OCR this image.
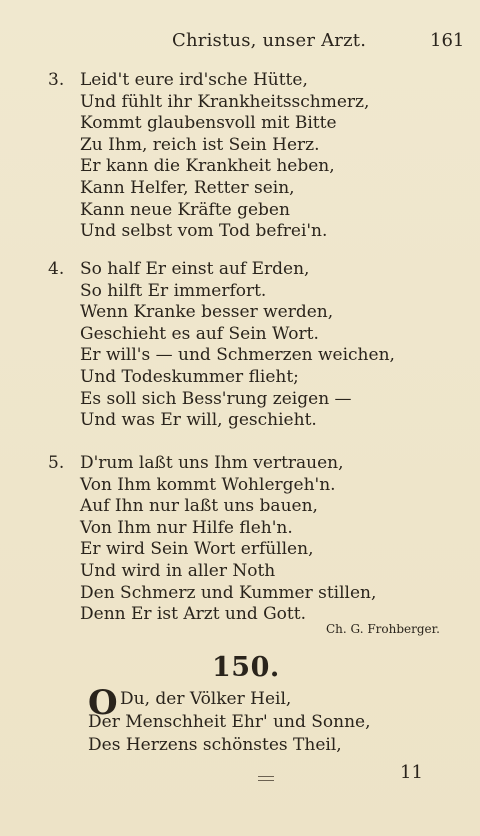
Christus, unser Arzt.	161
3. Leid't eure ird'sche Hütte,
Und fühlt ihr Krankheitsschmerz,
Kommt glaubensvoll mit Bitte
Zu Ihm, reich ist Sein Herz.
Er kann die Krankheit heben,
Kann Helfer, Retter sein,
Kann neue Kräfte geben
Und selbst vom Tod befrei'n.
4. So half Er einst auf Erden,
So hilft Er immerfort.
Wenn Kranke besser werden,
Geschieht es auf Sein Wort.
Er will's — und Schmerzen weichen,
Und Todeskummer flieht;
Es soll sich Bess'rung zeigen —
Und was Er will, geschieht.
5. D'rum laßt uns Ihm vertrauen,
Von Ihm kommt Wohlergeh'n.
Auf Ihn nur laßt uns bauen,
Von Ihm nur Hilfe fleh'n.
Er wird Sein Wort erfüllen,
Und wird in aller Noth
Den Schmerz und Kummer stillen,
Denn Er ist Arzt und Gott.
Ch. G. Frohberger.
150.
O Du, der Völker Heil,
Der Menschheit Ehr' und Sonne,
Des Herzens schönstes Theil,
11
